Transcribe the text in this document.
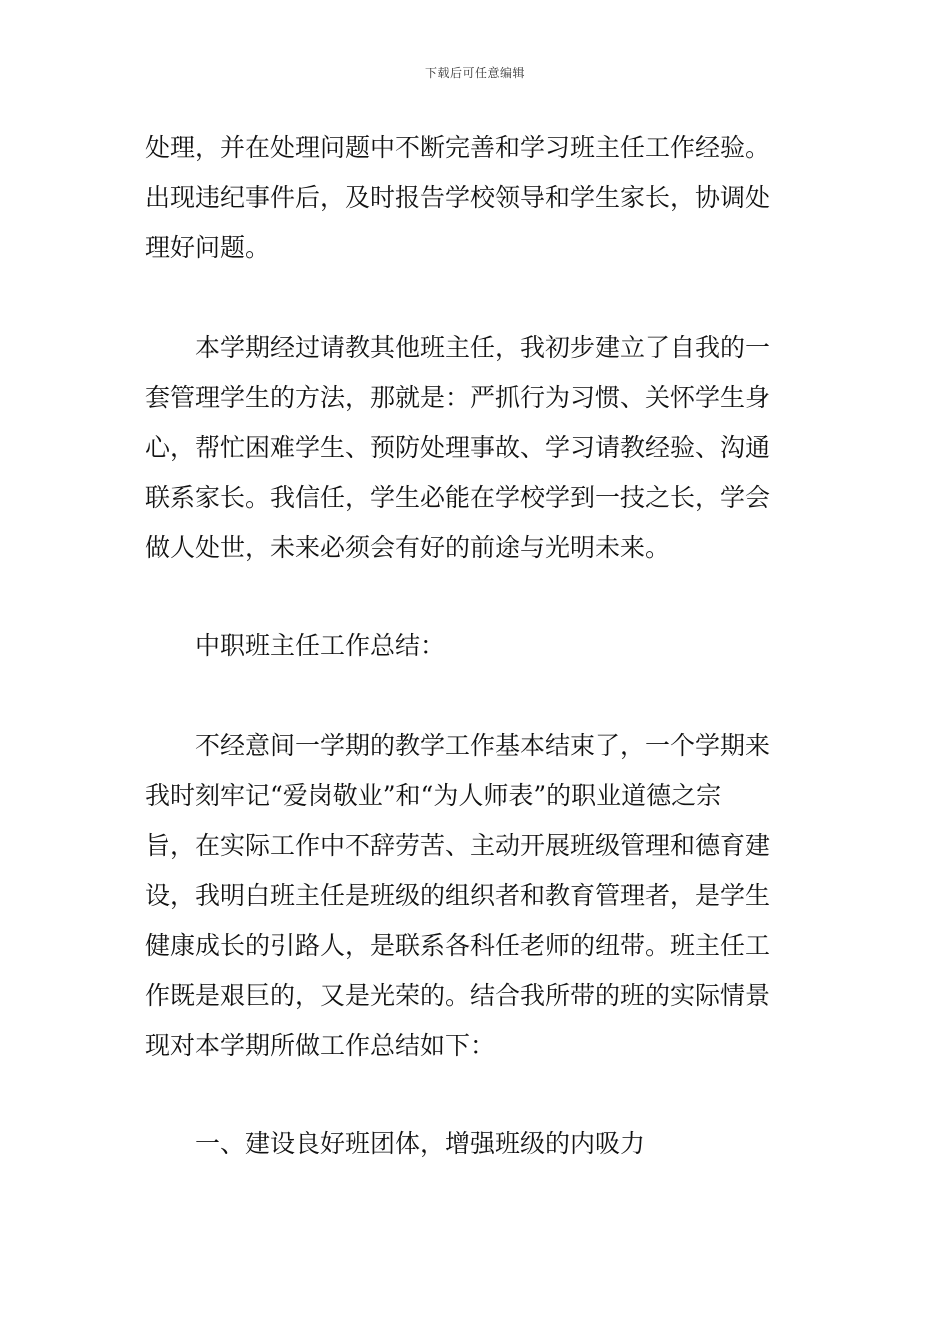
下载后可任意编辑
处理，并在处理问题中不断完善和学习班主任工作经验。
出现违纪事件后，及时报告学校领导和学生家长，协调处
理好问题。
本学期经过请教其他班主任，我初步建立了自我的一
套管理学生的方法，那就是：严抓行为习惯、关怀学生身
心，帮忙困难学生、预防处理事故、学习请教经验、沟通
联系家长。我信任，学生必能在学校学到一技之长，学会
做人处世，未来必须会有好的前途与光明未来。
中职班主任工作总结：
不经意间一学期的教学工作基本结束了，一个学期来
我时刻牢记“爱岗敬业”和“为人师表”的职业道德之宗
旨，在实际工作中不辞劳苦、主动开展班级管理和德育建
设，我明白班主任是班级的组织者和教育管理者，是学生
健康成长的引路人，是联系各科任老师的纽带。班主任工
作既是艰巨的，又是光荣的。结合我所带的班的实际情景
现对本学期所做工作总结如下：
一、建设良好班团体，增强班级的内吸力
